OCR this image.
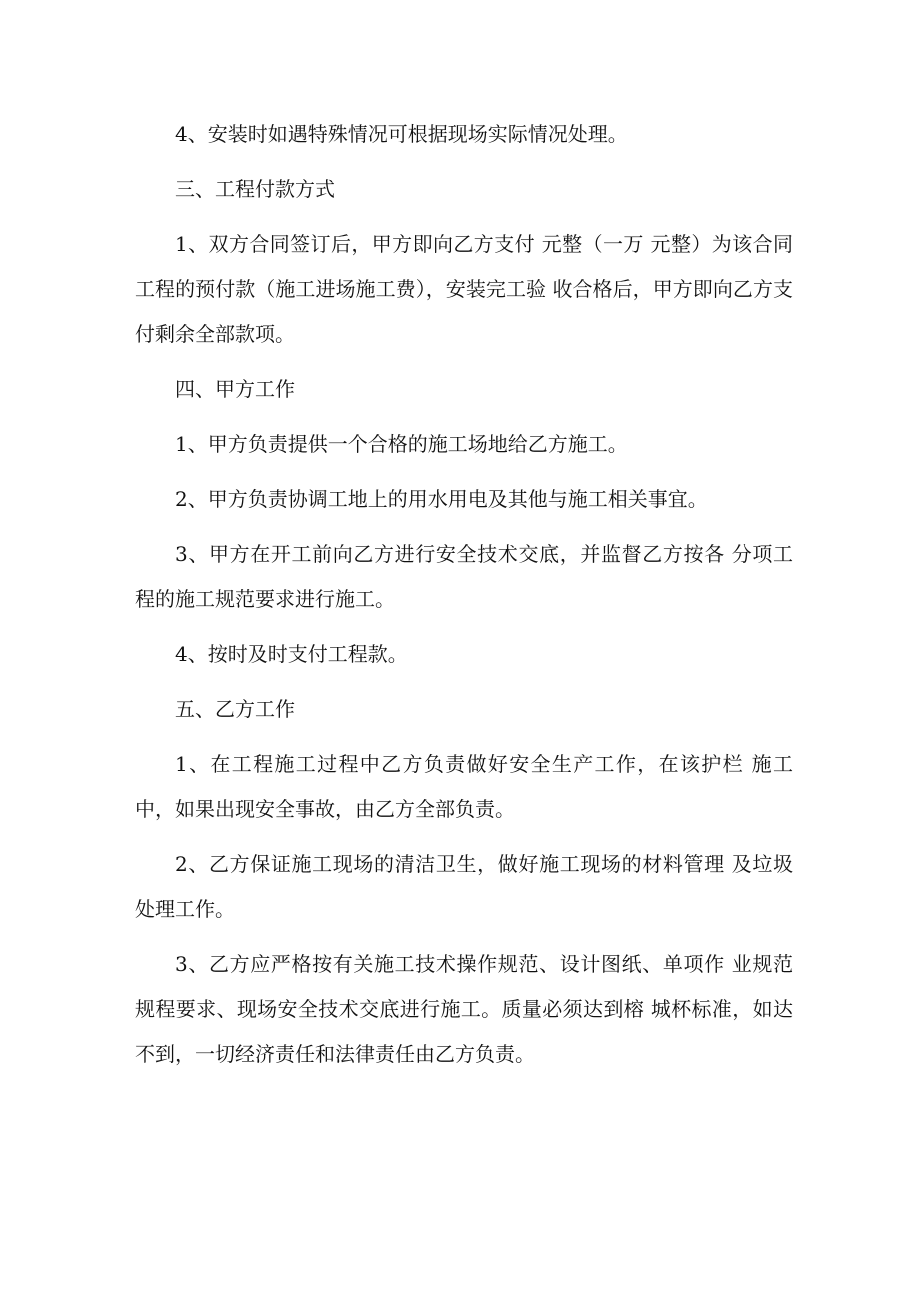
4、安装时如遇特殊情况可根据现场实际情况处理。

三、工程付款方式

1、双方合同签订后，甲方即向乙方支付 元整（一万 元整）为该合同工程的预付款（施工进场施工费），安装完工验 收合格后，甲方即向乙方支付剩余全部款项。

四、甲方工作

1、甲方负责提供一个合格的施工场地给乙方施工。

2、甲方负责协调工地上的用水用电及其他与施工相关事宜。

3、甲方在开工前向乙方进行安全技术交底，并监督乙方按各 分项工程的施工规范要求进行施工。

4、按时及时支付工程款。

五、乙方工作

1、在工程施工过程中乙方负责做好安全生产工作，在该护栏 施工中，如果出现安全事故，由乙方全部负责。

2、乙方保证施工现场的清洁卫生，做好施工现场的材料管理 及垃圾处理工作。

3、乙方应严格按有关施工技术操作规范、设计图纸、单项作 业规范规程要求、现场安全技术交底进行施工。质量必须达到榕 城杯标准，如达不到，一切经济责任和法律责任由乙方负责。
